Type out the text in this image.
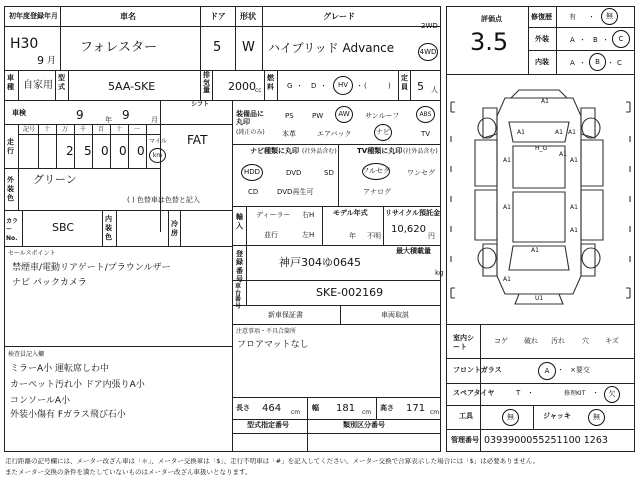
初年度登録年月
H30
9 月
車名
フォレスター
ドア
5
形状
W
グレード
ハイブリッド Advance
2WD
4WD
評価点
3.5
修復歴 有 ・ 無
外装	A ・ B ・ C
内装	A ・ B ・ C
車種 自家用
型式	5AA-SKE
排気量 2000 cc
燃料 G ・ D ・ HV ・ (	)
定員 5 人
車検	9	年 9	月
シフト
FAT
走行
記号 十 万 千 百 十 一
2 5 0 0 0
マイル
km
外装色
グリーン
( ) 色替車は色替と記入
カラーNo.
SBC
内装色
冷房
セールスポイント
禁煙車/電動リアゲート/プラウンルザー
ナビ パックカメラ
検査員記入欄
ミラーA小 運転席しわ中
カーペット汚れ小 ドア内張りA小
コンソールA小
外装小傷有 Fガラス飛び石小
装備品に丸印
(純正のみ)
PS	PW AW サンルーフ	ABS
本革	エアバック	ナビ	TV
ナビ種類に丸印 (社外品含む)
HDD	DVD	SD
CD	DVD再生可
TV種類に丸印 (社外品含む)
フルセグ ワンセグ
アナログ
輸入
ディーラー 右H
並行	左H
モデル年式
年 不明
リサイクル預託金
10,620
円
登録番号
神戸304ゆ0645
最大積載量
kg
車台番号
SKE-002169
新車保証書	車両取説
注意事項・不具合箇所
フロアマットなし
長さ 464 cm
幅 181 cm
高さ 171 cm
型式指定番号	類別区分番号
A1
A1	A1 A1
H_G
A1
A1	A1
A1	A1
A1
A1
U1
A1
室内シート
コゲ 破れ 汚れ 穴 キズ
フロントガラス	A ・ ×要交
スペアタイヤ	T ・	修理KIT ・ 欠
工具	無	ジャッキ	無
管理番号 0393900055251100 1263
走行距離の記号欄には、メーター改ざん車は「＊」、メーター交換車は「$」、走行不明車は「#」を記入してください。メーター交換で合算表示した場合には「$」は必要ありません。
またメーター交換の条件を満たしていないものはメーター改ざん車扱いとなります。
